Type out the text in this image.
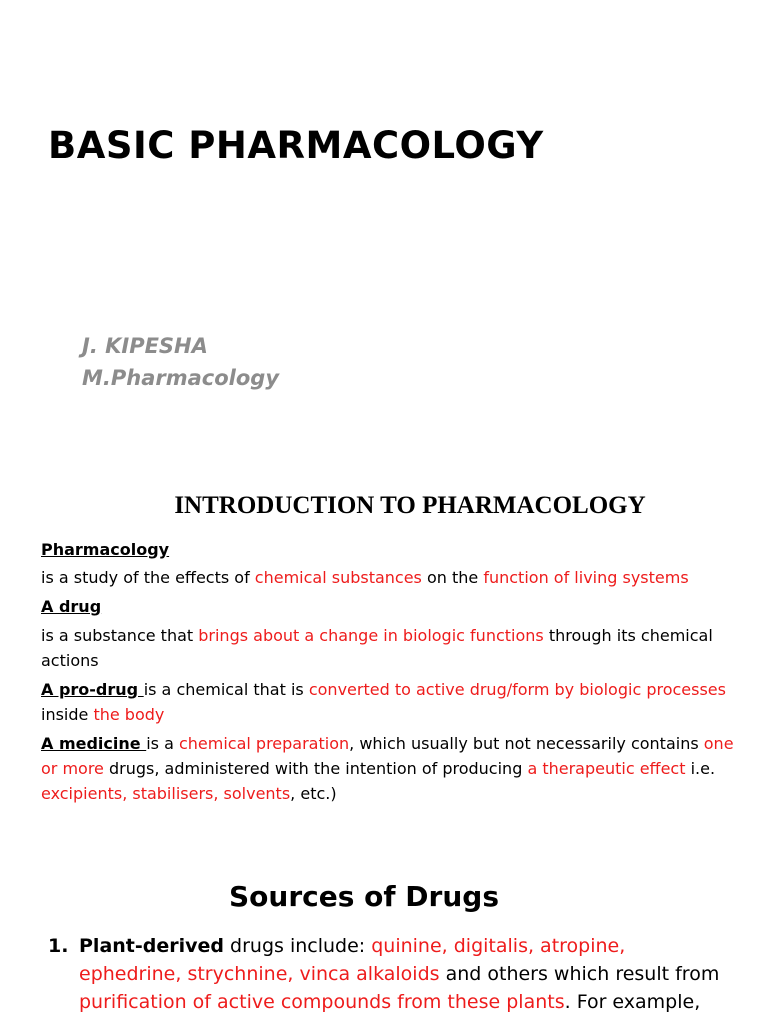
BASIC PHARMACOLOGY
J. KIPESHA
M.Pharmacology
INTRODUCTION TO PHARMACOLOGY
Pharmacology
is a study of the effects of chemical substances on the function of living systems
A drug
is a substance that brings about a change in biologic functions through its chemical actions
A pro-drug is a chemical that is converted to active drug/form by biologic processes inside the body
A medicine is a chemical preparation, which usually but not necessarily contains one or more drugs, administered with the intention of producing a therapeutic effect i.e. excipients, stabilisers, solvents, etc.)
Sources of Drugs
1. Plant-derived drugs include: quinine, digitalis, atropine, ephedrine, strychnine, vinca alkaloids and others which result from purification of active compounds from these plants. For example,
